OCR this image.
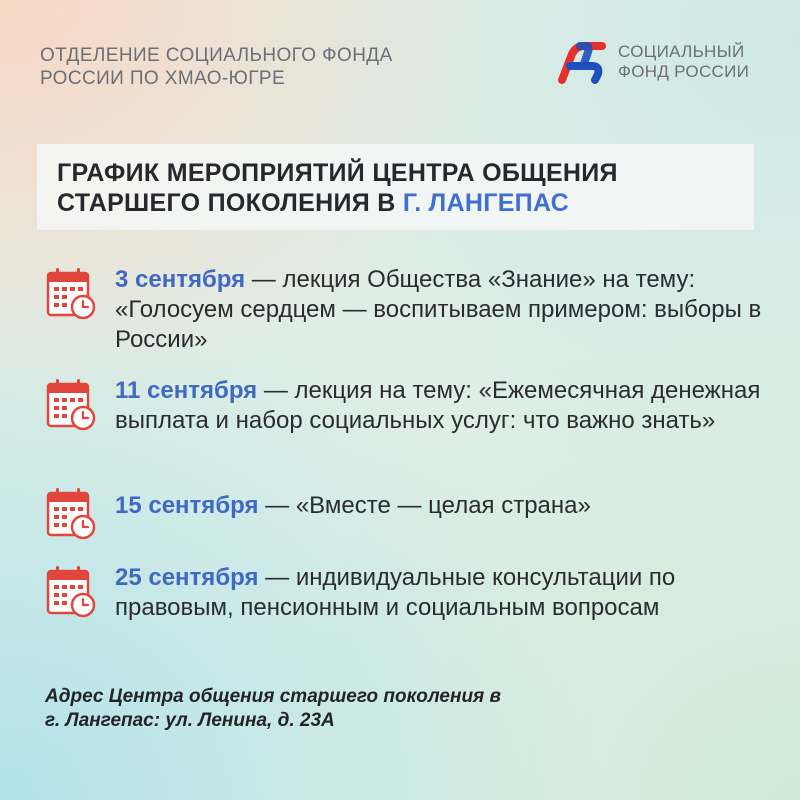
ОТДЕЛЕНИЕ СОЦИАЛЬНОГО ФОНДА
РОССИИ ПО ХМАО-ЮГРЕ
СОЦИАЛЬНЫЙ
ФОНД РОССИИ
ГРАФИК МЕРОПРИЯТИЙ ЦЕНТРА ОБЩЕНИЯ
СТАРШЕГО ПОКОЛЕНИЯ В Г. ЛАНГЕПАС
3 сентября — лекция Общества «Знание» на тему: «Голосуем сердцем — воспитываем примером: выборы в России»
11 сентября — лекция на тему: «Ежемесячная денежная выплата и набор социальных услуг: что важно знать»
15 сентября — «Вместе — целая страна»
25 сентября — индивидуальные консультации по правовым, пенсионным и социальным вопросам
Адрес Центра общения старшего поколения в
г. Лангепас: ул. Ленина, д. 23А
